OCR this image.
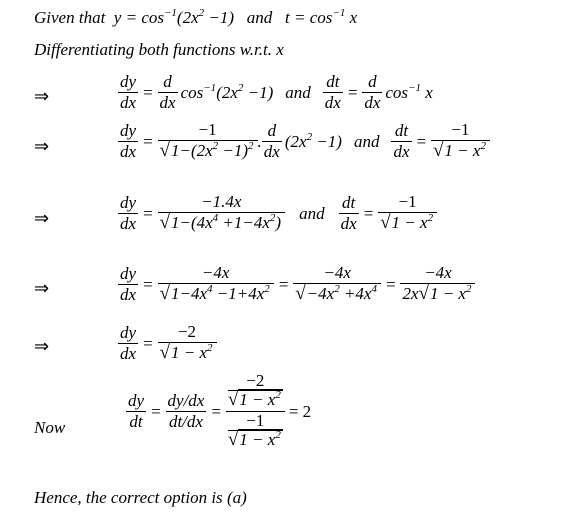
Given that
$y = \cos^{-1}(2x^2 -1)$
and
$t = \cos^{-1} x$
Differentiating both functions w.r.t. x
⇒	$\frac{dy}{dx} = \frac{d}{dx} \cos^{-1}(2x^2 -1)$ and $\frac{dt}{dx} = \frac{d}{dx} \cos^{-1} x$
⇒	$\frac{dy}{dx} = \frac{-1}{√1-(2x^2 -1)^2}$ . $\frac{d}{dx} (2x^2 -1)$ and $\frac{dt}{dx} = \frac{-1}{√1 - x^2}$
⇒	$\frac{dy}{dx} = \frac{-1.4x}{√1-(4x^4 +1-4x^2)}$ and $\frac{dt}{dx} = \frac{-1}{√1 - x^2}$
⇒	$\frac{dy}{dx} = \frac{-4x}{√1-4x^4 -1+4x^2} = \frac{-4x}{√-4x^2 +4x^4} = \frac{-4x}{2x√1 - x^2}$
⇒	$\frac{dy}{dx} = \frac{-2}{√1 - x^2}$
Now	$\frac{dy}{dt} = \frac{dy/dx}{dt/dx} = -2$
$√1 - x^2$
−1
$√1 - x^2 = 2$
Hence, the correct option is (a)
